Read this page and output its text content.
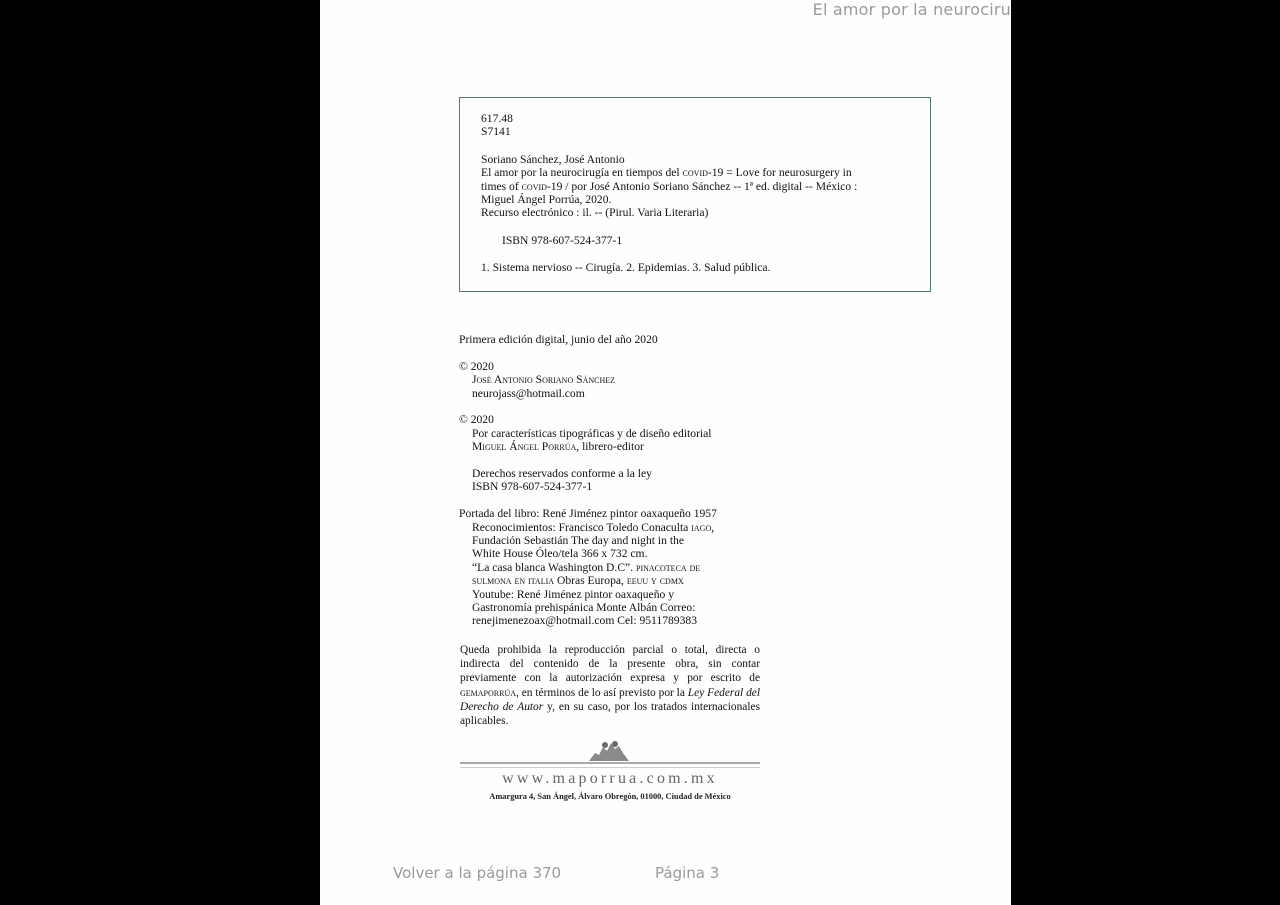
El amor por la neurociru
617.48
S7141
Soriano Sánchez, José Antonio
El amor por la neurocirugía en tiempos del covid-19 = Love for neurosurgery in
times of covid-19 / por José Antonio Soriano Sánchez -- 1ª ed. digital -- México :
Miguel Ángel Porrúa, 2020.
Recurso electrónico : il. -- (Pirul. Varia Literaria)
ISBN 978-607-524-377-1
1. Sistema nervioso -- Cirugía. 2. Epidemias. 3. Salud pública.
Primera edición digital, junio del año 2020
© 2020
José Antonio Soriano Sánchez
neurojass@hotmail.com
© 2020
Por características tipográficas y de diseño editorial
Miguel Ángel Porrúa, librero-editor
Derechos reservados conforme a la ley
ISBN 978-607-524-377-1
Portada del libro: René Jiménez pintor oaxaqueño 1957
Reconocimientos: Francisco Toledo Conaculta iago,
Fundación Sebastián The day and night in the
White House Óleo/tela 366 x 732 cm.
“La casa blanca Washington D.C”. pinacoteca de
sulmona en italia Obras Europa, eeuu y cdmx
Youtube: René Jiménez pintor oaxaqueño y
Gastronomía prehispánica Monte Albán Correo:
renejimenezoax@hotmail.com Cel: 9511789383
Queda prohibida la reproducción parcial o total, directa o indirecta del contenido de la presente obra, sin contar previamente con la autorización expresa y por escrito de gemaporrúa, en términos de lo así previsto por la Ley Federal del Derecho de Autor y, en su caso, por los tratados internacionales aplicables.
www.maporrua.com.mx
Amargura 4, San Ángel, Álvaro Obregón, 01000, Ciudad de México
Volver a la página 370	Página 3
